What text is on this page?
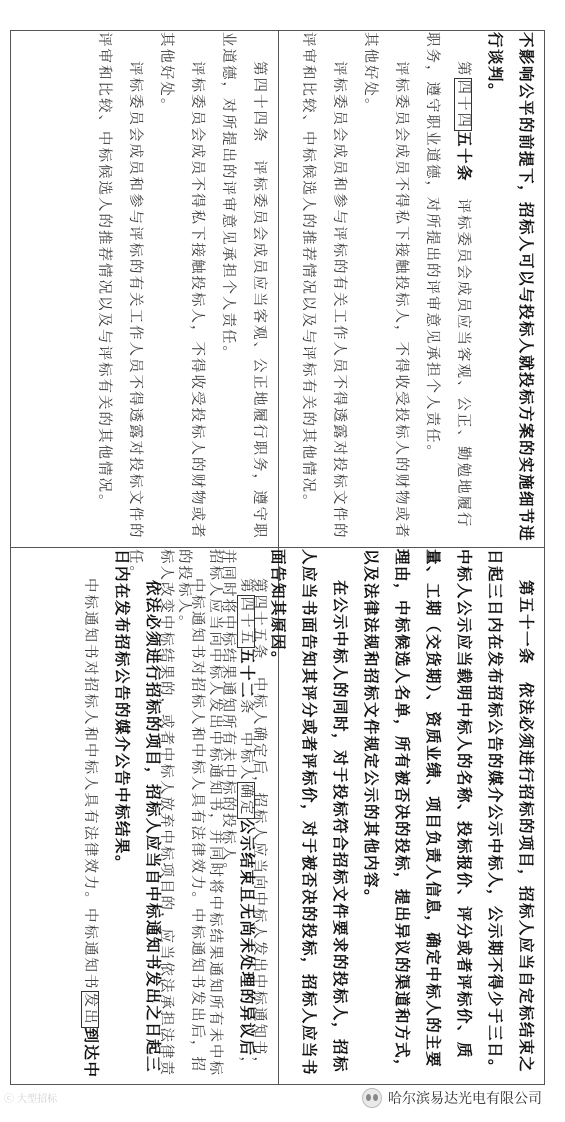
第四十四条　评标委员会成员应当客观、公正地履行职务，遵守职业道德，对所提出的评审意见承担个人责任。

评标委员会成员不得私下接触投标人，不得收受投标人的财物或者其他好处。

评标委员会成员和参与评标的有关工作人员不得透露对投标文件的评审和比较、中标候选人的推荐情况以及与评标有关的其他情况。

第四十五条　中标人确定后，招标人应当向中标人发出中标通知书，并同时将中标结果通知所有未中标的投标人。

中标通知书对招标人和中标人具有法律效力。中标通知书发出后，招标人改变中标结果的，或者中标人放弃中标项目的，应当依法承担法律责任。

不影响公平的前提下，招标人可以与投标人就投标方案的实施细节进行谈判。

第四十四五十条　评标委员会成员应当客观、公正、勤勉地履行职务，遵守职业道德，对所提出的评审意见承担个人责任。

评标委员会成员不得私下接触投标人，不得收受投标人的财物或者其他好处。

评标委员会成员和参与评标的有关工作人员不得透露对投标文件的评审和比较、中标候选人的推荐情况以及与评标有关的其他情况。

第五十一条　依法必须进行招标的项目，招标人应当自定标结束之日起三日内在发布招标公告的媒介公示中标人，公示期不得少于三日。中标人公示应当载明中标人的名称、投标报价、评分或者评标价、质量、工期（交货期）、资质业绩、项目负责人信息，确定中标人的主要理由，中标候选人名单，所有被否决的投标，提出异议的渠道和方式，以及法律法规和招标文件规定公示的其他内容。

在公示中标人的同时，对于投标符合招标文件要求的投标人，招标人应当书面告知其评分或者评标价，对于被否决的投标，招标人应当书面告知其原因。

第四十五五十二条　中标人确定公示结束且无尚未处理的异议后，招标人应当向中标人发出中标通知书，并同时将中标结果通知所有未中标的投标人。

依法必须进行招标的项目，招标人应当自中标通知书发出之日起三日内在发布招标公告的媒介公告中标结果。

中标通知书对招标人和中标人具有法律效力。中标通知书发出到达中

ⓒ 大型招标	哈尔滨易达光电有限公司
